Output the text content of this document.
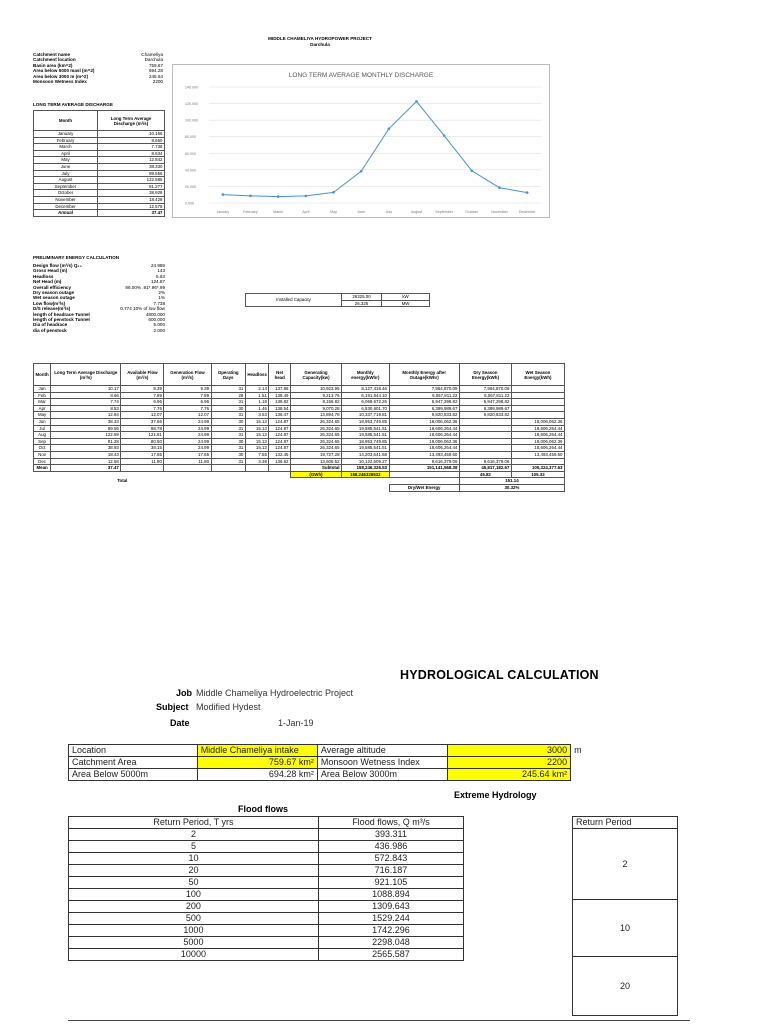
MIDDLE CHAMELIYA HYDROPOWER PROJECT
Darchula
Catchment name	Chameliya
Catchment location	Darchula
Basin area (km^2)	759.67
Area below 5000 masl (m^2)	694.28
Area below 3000 m (m^2)	245.64
Monsoon Wetness Index	2200
LONG TERM AVERAGE DISCHARGE
Month	Long Term Average Discharge (m³/s)
January	10.166
February	8.660
March	7.738
April	8.534
May	12.842
June	38.330
July	89.556
August	122.585
September	81.277
October	38.928
November	18.428
December	12.578
Annual	37.47
LONG TERM AVERAGE MONTHLY DISCHARGE
0.000
20.000
40.000
60.000
80.000
100.000
120.000
140.000
January	February	March	April	May	June	July	August	September	October	November	December
PRELIMINARY ENERGY CALCULATION
Design flow (m³/s) Q₄₀	24.989
Gross Head (m)	143
Headloss	5.63
Net Head (m)	124.87
Overall efficiency	86.00% .91*.96*.99
Dry season outage	2%
Wet season outage	1%
Low flow(m³/s)	7.738
D/S release(m³/s)	0.774 10% of low flow
length of headrace Tunnel	4800.000
length of penstock Tunnel	600.000
Dia of headrace	5.000
dia of penstock	2.000
Installed Capacity	26325.00	kW
	26.325	MW
Month	Long Term Average Discharge (m³/s)	Available Flow (m³/s)	Generation Flow (m³/s)	Operating Days	Headloss	Net head	Generating Capacity(kw)	Monthly energy(kWhr)	Monthly Energy after Outage(kWhr)	Dry Season Energy(kWh)	Wet Season Energy(kWh)
Jan	10.17	9.39	9.39	31	2.14	137.86	10,923.95	8,127,418.46	7,964,870.09	7,964,870.09	
Feb	8.66	7.89	7.89	28	1.51	138.49	9,213.76	6,191,644.10	6,067,811.22	6,067,811.22	
Mar	7.74	6.96	6.96	31	1.18	138.82	8,156.82	6,068,672.26	5,947,298.82	5,947,298.82	
Apr	8.53	7.76	7.76	30	1.46	138.54	9,070.28	6,530,601.70	6,399,989.67	6,399,989.67	
May	12.84	12.07	12.07	31	3.53	136.47	13,894.78	10,337,719.81	9,820,833.82	9,820,833.82	
Jun	38.33	37.56	24.99	30	15.13	124.87	26,324.65	18,953,749.85	18,006,062.36		18,006,062.36
Jul	89.56	88.78	24.99	31	15.13	124.87	26,324.65	19,585,541.51	18,606,264.44		18,606,264.44
Aug	122.59	121.81	24.99	31	15.13	124.87	26,324.65	19,585,541.51	18,606,264.44		18,606,264.44
Sep	81.28	80.50	24.99	30	15.13	124.87	26,324.65	18,953,749.85	18,006,062.36		18,006,062.36
Oct	38.93	38.15	24.99	31	15.13	124.87	26,324.65	19,585,541.51	18,606,264.44		18,606,264.44
Nov	18.43	17.65	17.65	30	7.55	132.45	19,727.28	14,203,641.68	13,493,459.60		13,493,459.60
Dec	12.58	11.80	11.80	31	3.38	136.62	13,605.52	10,122,509.27	9,616,379.06	9,616,379.06	
Mean	37.47						Subtotal	158,246,326.53	151,141,568.38	45,817,182.67	105,324,377.63
							(GWh)	158.246326532		45.82	105.32
Total										151.14	
									Dry/Wet Energy	30.32%	
HYDROLOGICAL CALCULATION
Job Middle Chameliya Hydroelectric Project
Subject Modified Hydest
Date	1-Jan-19
Location	Middle Chameliya intake	Average altitude	3000	m
Catchment Area	759.67 km²	Monsoon Wetness Index	2200	
Area Below 5000m	694.28 km²	Area Below 3000m	245.64 km²	
Extreme Hydrology
Flood flows
Return Period, T yrs	Flood flows, Q m³/s
2	393.311
5	436.986
10	572.843
20	716.187
50	921.105
100	1088.894
200	1309.643
500	1529.244
1000	1742.296
5000	2298.048
10000	2565.587
Return Period
2
10
20
